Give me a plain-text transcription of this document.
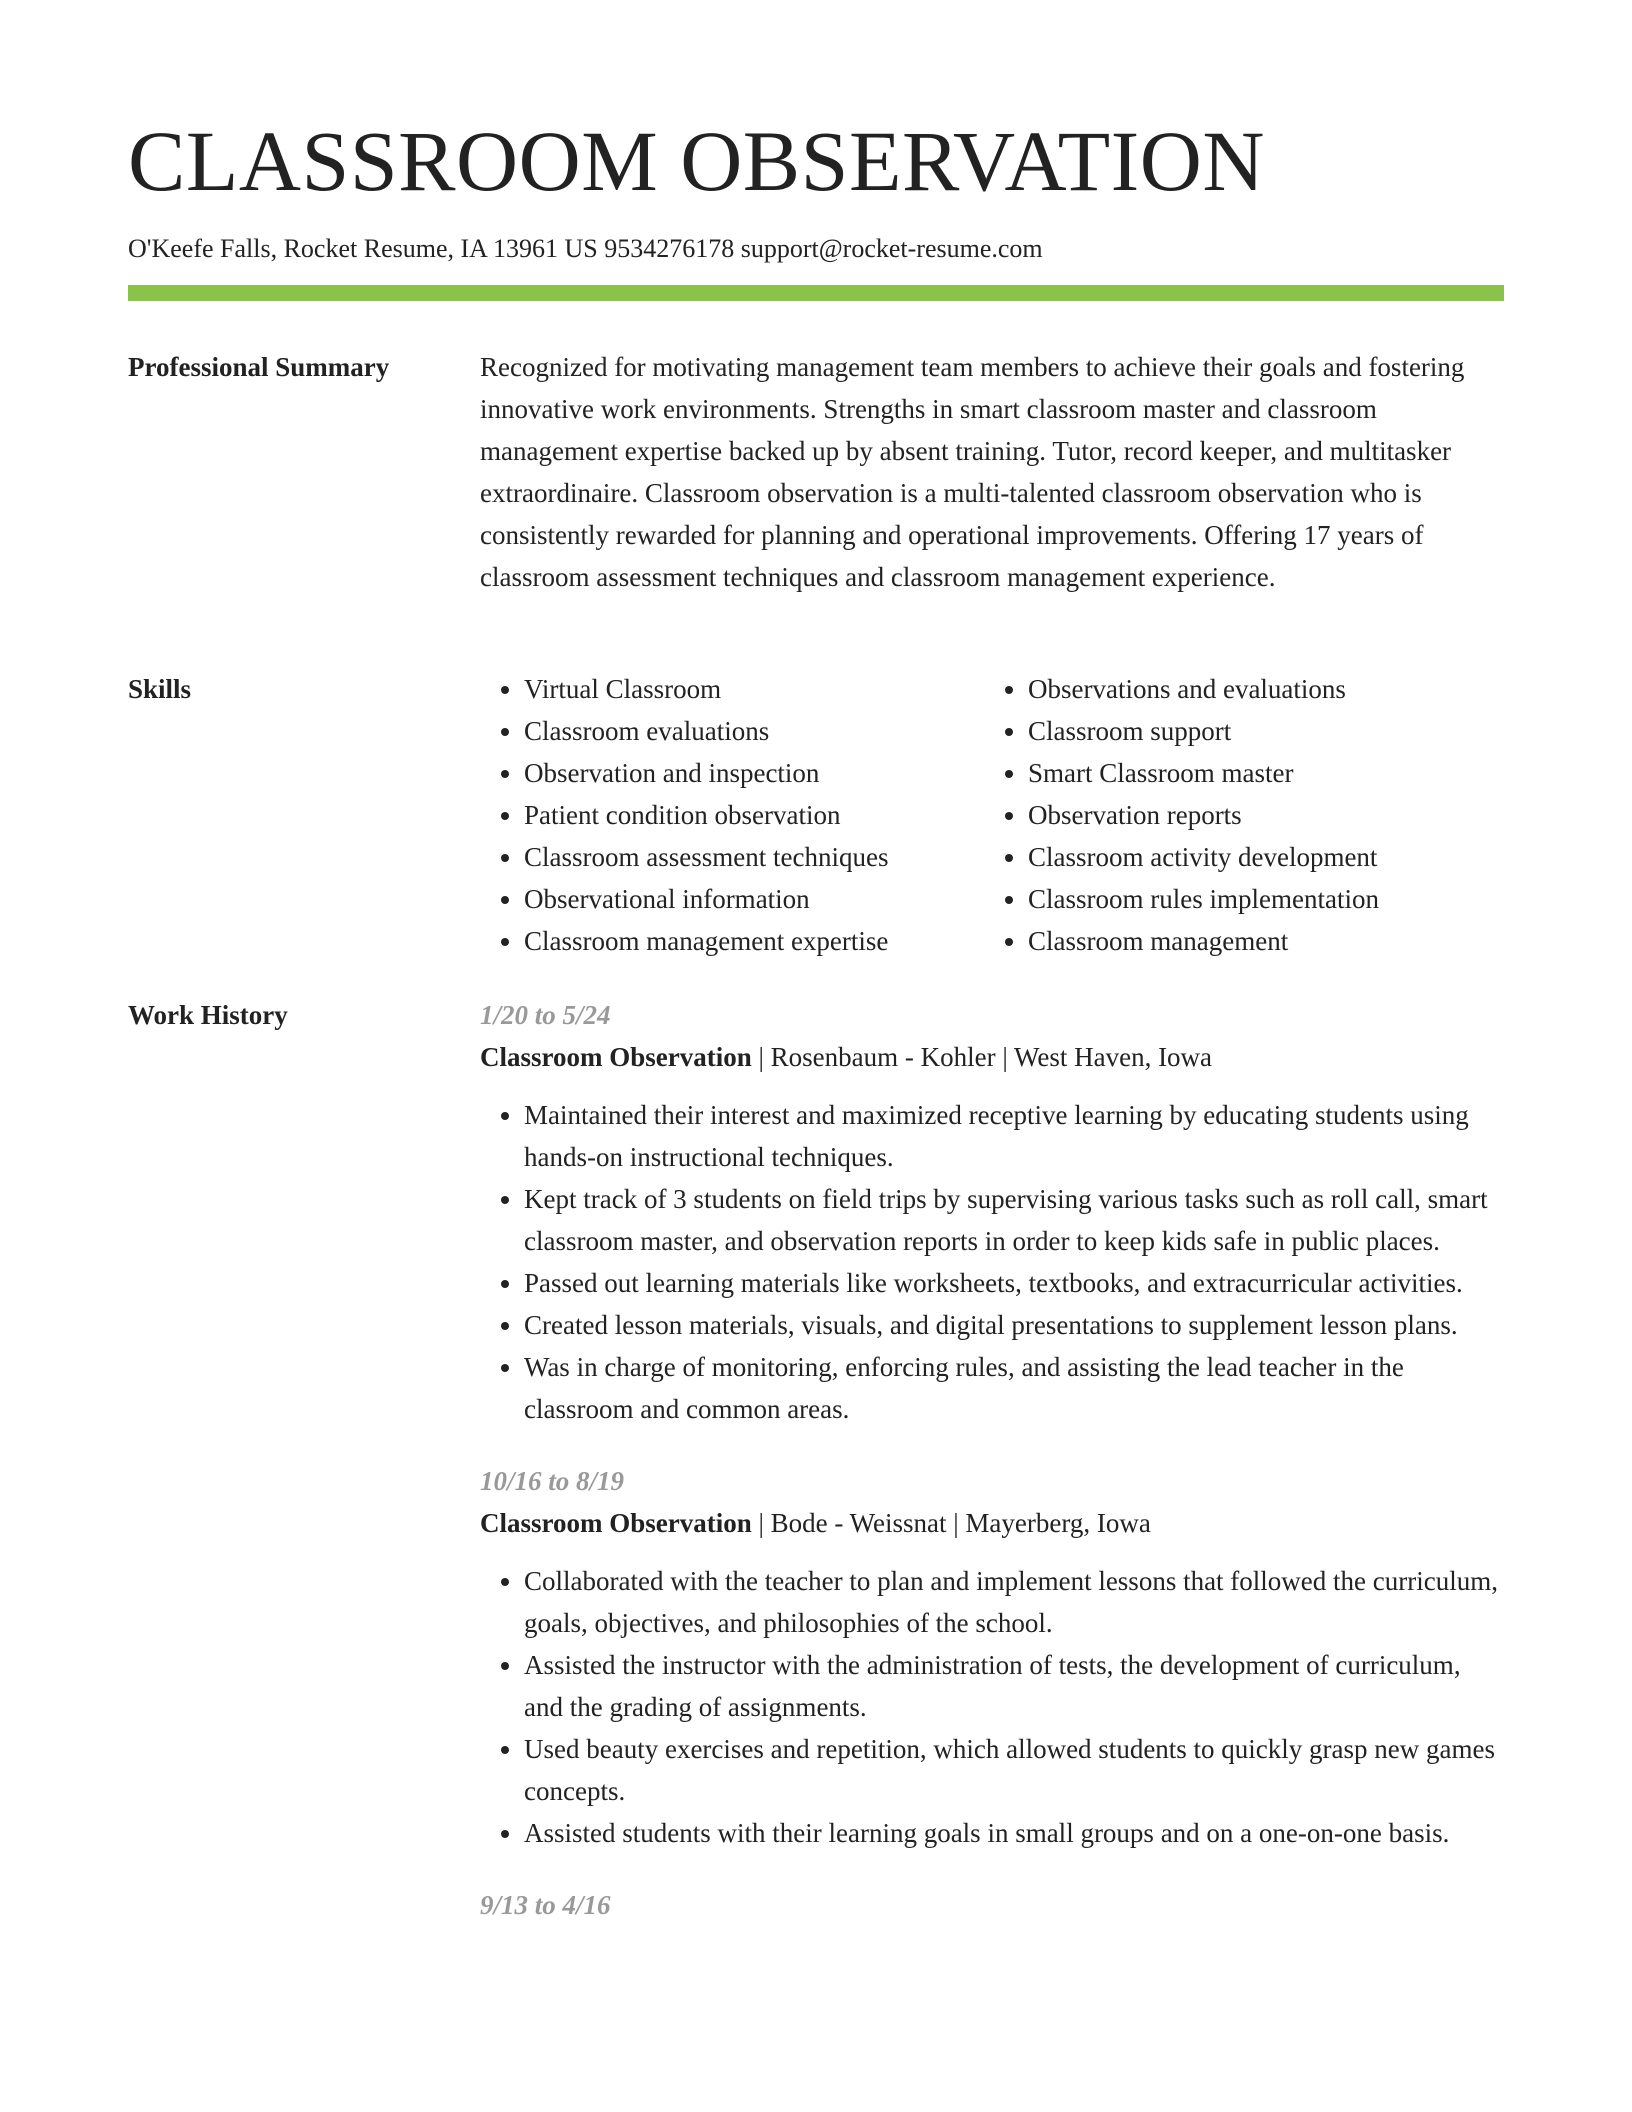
CLASSROOM OBSERVATION
O'Keefe Falls, Rocket Resume, IA 13961 US 9534276178 support@rocket-resume.com
Professional Summary	Recognized for motivating management team members to achieve their goals and fostering innovative work environments. Strengths in smart classroom master and classroom management expertise backed up by absent training. Tutor, record keeper, and multitasker extraordinaire. Classroom observation is a multi-talented classroom observation who is consistently rewarded for planning and operational improvements. Offering 17 years of classroom assessment techniques and classroom management experience.

Skills
•	Virtual Classroom
• Classroom evaluations
• Observation and inspection
• Patient condition observation
• Classroom assessment techniques
• Observational information
• Classroom management expertise
• Observations and evaluations
• Classroom support
• Smart Classroom master
• Observation reports
• Classroom activity development
• Classroom rules implementation
• Classroom management
Work History	1/20 to 5/24
Classroom Observation | Rosenbaum - Kohler | West Haven, Iowa
• Maintained their interest and maximized receptive learning by educating students using hands-on instructional techniques.
• Kept track of 3 students on field trips by supervising various tasks such as roll call, smart classroom master, and observation reports in order to keep kids safe in public places.
• Passed out learning materials like worksheets, textbooks, and extracurricular activities.
• Created lesson materials, visuals, and digital presentations to supplement lesson plans.
• Was in charge of monitoring, enforcing rules, and assisting the lead teacher in the classroom and common areas.
10/16 to 8/19
Classroom Observation | Bode - Weissnat | Mayerberg, Iowa
• Collaborated with the teacher to plan and implement lessons that followed the curriculum, goals, objectives, and philosophies of the school.
• Assisted the instructor with the administration of tests, the development of curriculum, and the grading of assignments.
• Used beauty exercises and repetition, which allowed students to quickly grasp new games concepts.
• Assisted students with their learning goals in small groups and on a one-on-one basis.
9/13 to 4/16
